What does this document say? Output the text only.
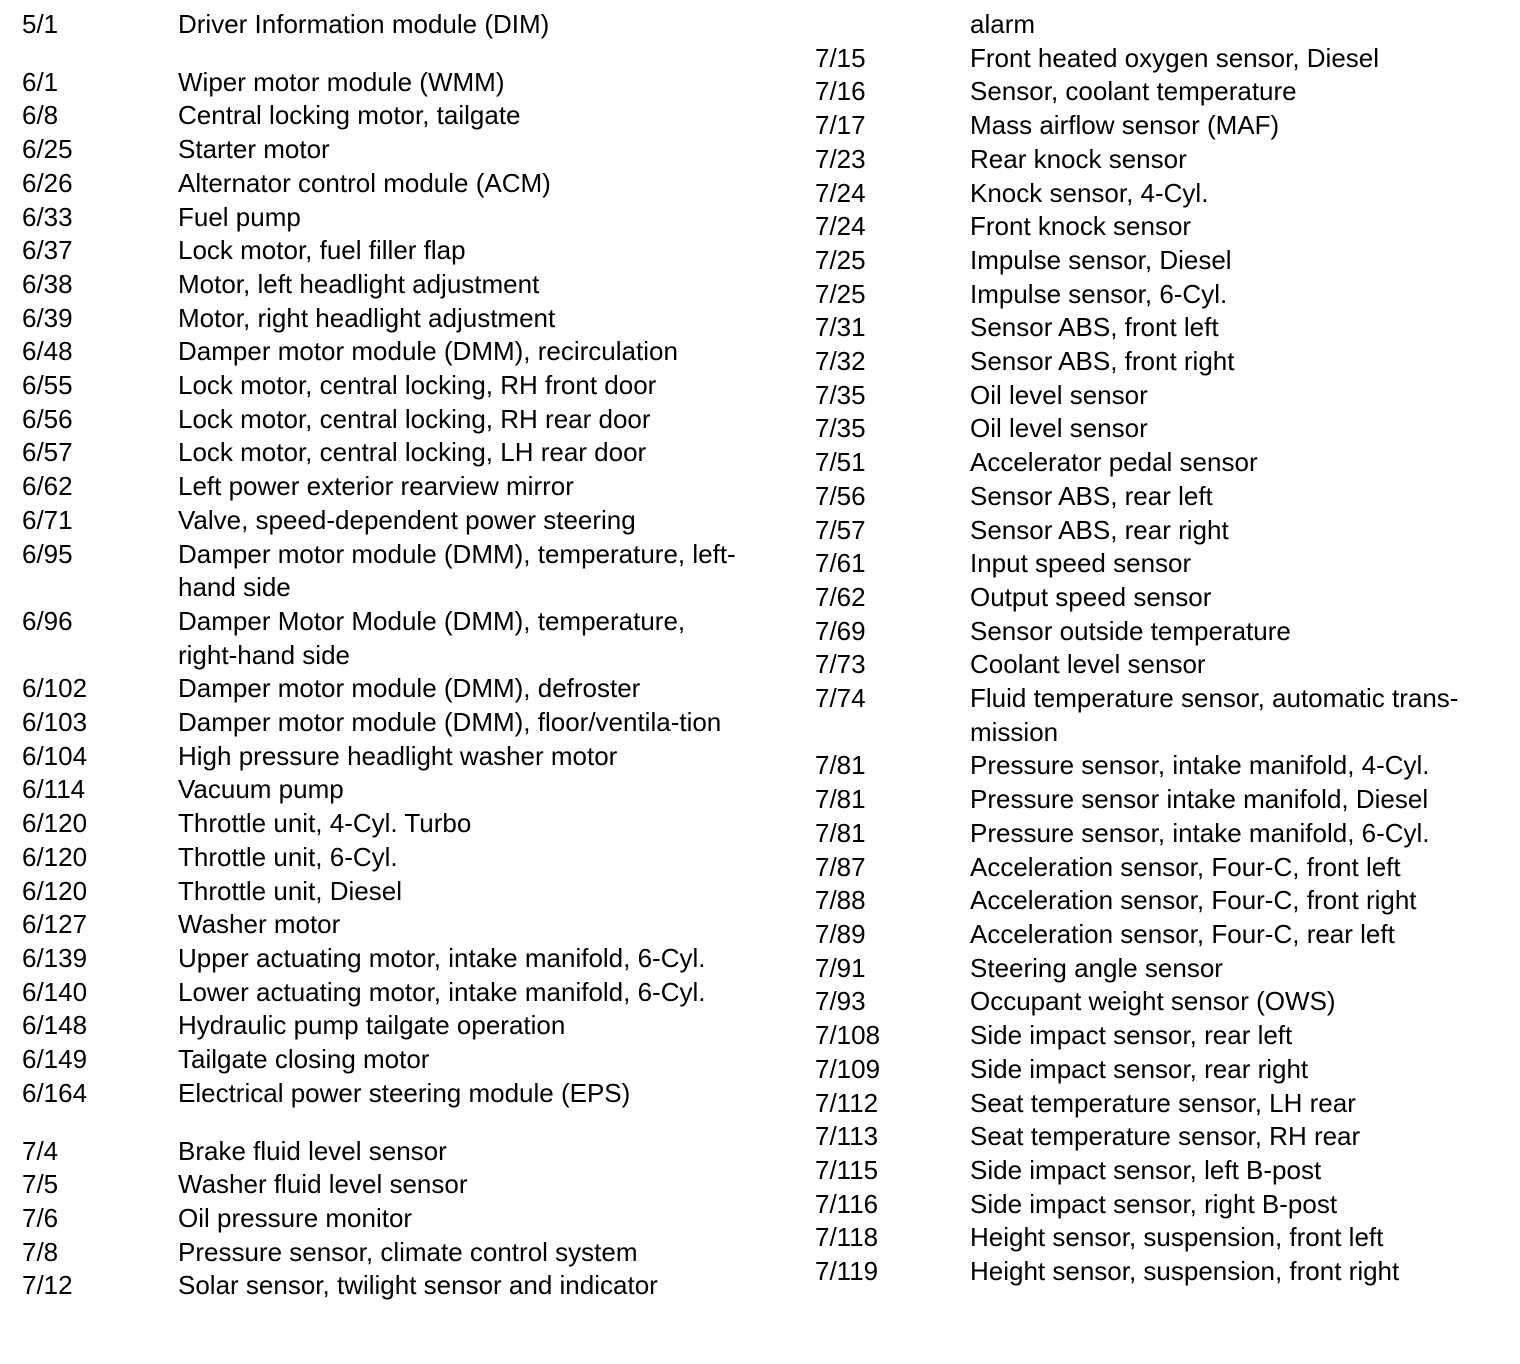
5/1	Driver Information module (DIM)
6/1	Wiper motor module (WMM)
6/8	Central locking motor, tailgate
6/25	Starter motor
6/26	Alternator control module (ACM)
6/33	Fuel pump
6/37	Lock motor, fuel filler flap
6/38	Motor, left headlight adjustment
6/39	Motor, right headlight adjustment
6/48	Damper motor module (DMM), recirculation
6/55	Lock motor, central locking, RH front door
6/56	Lock motor, central locking, RH rear door
6/57	Lock motor, central locking, LH rear door
6/62	Left power exterior rearview mirror
6/71	Valve, speed-dependent power steering
6/95	Damper motor module (DMM), temperature, left-hand side
6/96	Damper Motor Module (DMM), temperature, right-hand side
6/102	Damper motor module (DMM), defroster
6/103	Damper motor module (DMM), floor/ventila-tion
6/104	High pressure headlight washer motor
6/114	Vacuum pump
6/120	Throttle unit, 4-Cyl. Turbo
6/120	Throttle unit, 6-Cyl.
6/120	Throttle unit, Diesel
6/127	Washer motor
6/139	Upper actuating motor, intake manifold, 6-Cyl.
6/140	Lower actuating motor, intake manifold, 6-Cyl.
6/148	Hydraulic pump tailgate operation
6/149	Tailgate closing motor
6/164	Electrical power steering module (EPS)
7/4	Brake fluid level sensor
7/5	Washer fluid level sensor
7/6	Oil pressure monitor
7/8	Pressure sensor, climate control system
7/12	Solar sensor, twilight sensor and indicator
alarm
7/15	Front heated oxygen sensor, Diesel
7/16	Sensor, coolant temperature
7/17	Mass airflow sensor (MAF)
7/23	Rear knock sensor
7/24	Knock sensor, 4-Cyl.
7/24	Front knock sensor
7/25	Impulse sensor, Diesel
7/25	Impulse sensor, 6-Cyl.
7/31	Sensor ABS, front left
7/32	Sensor ABS, front right
7/35	Oil level sensor
7/35	Oil level sensor
7/51	Accelerator pedal sensor
7/56	Sensor ABS, rear left
7/57	Sensor ABS, rear right
7/61	Input speed sensor
7/62	Output speed sensor
7/69	Sensor outside temperature
7/73	Coolant level sensor
7/74	Fluid temperature sensor, automatic trans-mission
7/81	Pressure sensor, intake manifold, 4-Cyl.
7/81	Pressure sensor intake manifold, Diesel
7/81	Pressure sensor, intake manifold, 6-Cyl.
7/87	Acceleration sensor, Four-C, front left
7/88	Acceleration sensor, Four-C, front right
7/89	Acceleration sensor, Four-C, rear left
7/91	Steering angle sensor
7/93	Occupant weight sensor (OWS)
7/108	Side impact sensor, rear left
7/109	Side impact sensor, rear right
7/112	Seat temperature sensor, LH rear
7/113	Seat temperature sensor, RH rear
7/115	Side impact sensor, left B-post
7/116	Side impact sensor, right B-post
7/118	Height sensor, suspension, front left
7/119	Height sensor, suspension, front right
